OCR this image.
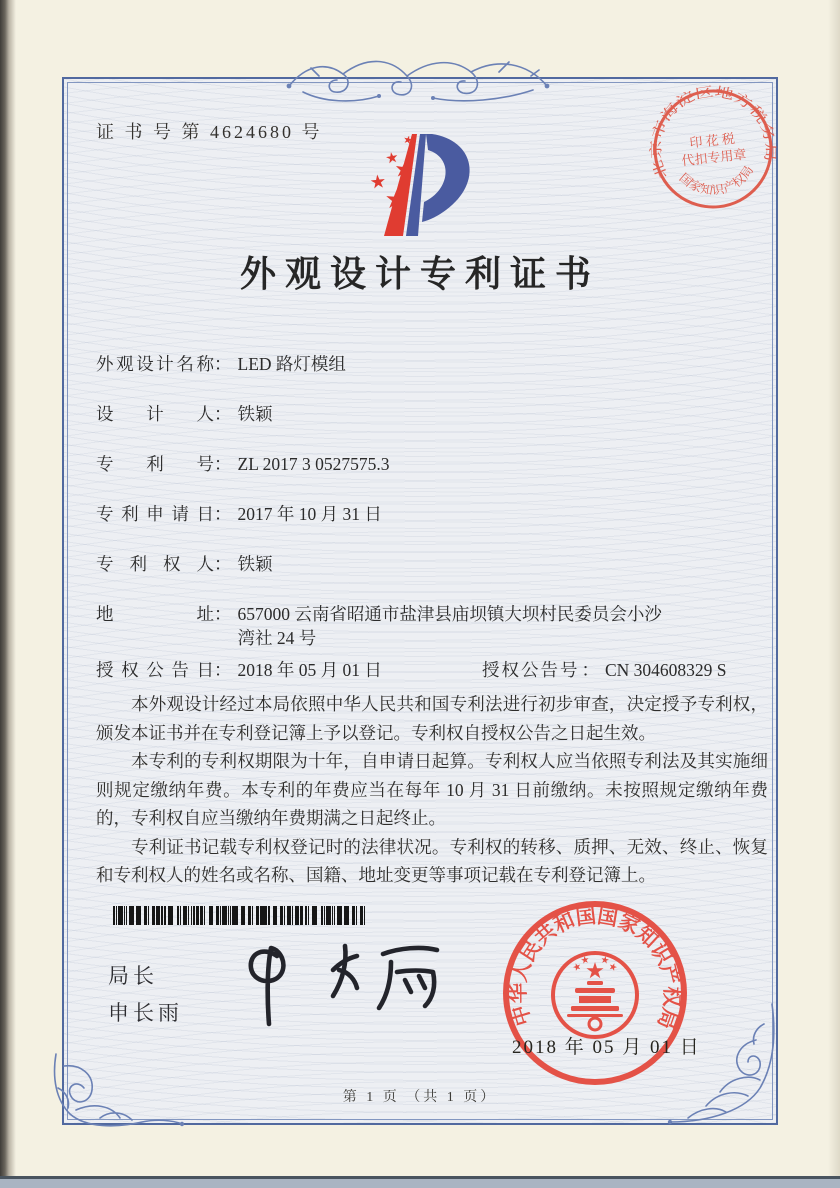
证 书 号 第 4624680 号
北京市海淀区地方税务局
国家知识产权局
印 花 税
代扣专用章
外观设计专利证书
外观设计名称 ： LED 路灯模组
设计人 ： 铁颖
专利号 ： ZL 2017 3 0527575.3
专利申请日 ： 2017 年 10 月 31 日
专利权人 ： 铁颖
地址 ： 657000 云南省昭通市盐津县庙坝镇大坝村民委员会小沙湾社 24 号
授权公告日 ： 2018 年 05 月 01 日	授权公告号 ： CN 304608329 S

本外观设计经过本局依照中华人民共和国专利法进行初步审查，决定授予专利权，颁发本证书并在专利登记簿上予以登记。专利权自授权公告之日起生效。

本专利的专利权期限为十年，自申请日起算。专利权人应当依照专利法及其实施细则规定缴纳年费。本专利的年费应当在每年 10 月 31 日前缴纳。未按照规定缴纳年费的，专利权自应当缴纳年费期满之日起终止。

专利证书记载专利权登记时的法律状况。专利权的转移、质押、无效、终止、恢复和专利权人的姓名或名称、国籍、地址变更等事项记载在专利登记簿上。

局长
申长雨	中华人民共和国国家知识产权局
2018 年 05 月 01 日
第 1 页 （共 1 页）
